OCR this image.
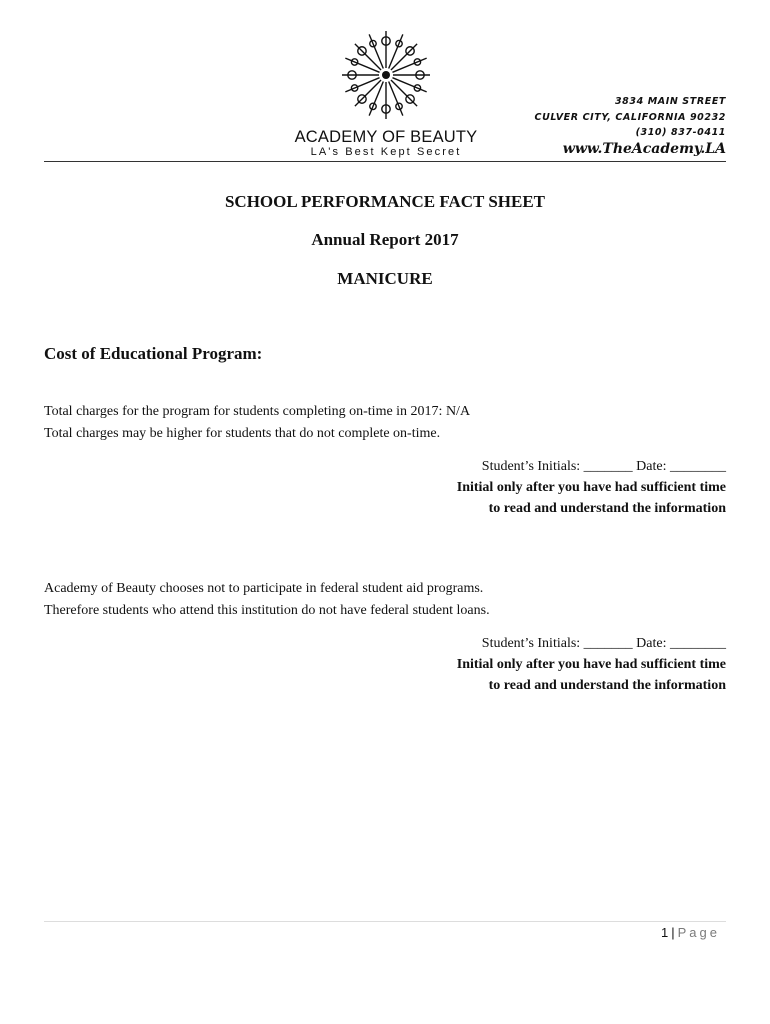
ACADEMY OF BEAUTY
LA's Best Kept Secret
3834 MAIN STREET
CULVER CITY, CALIFORNIA 90232
(310) 837-0411
www.TheAcademy.LA
SCHOOL PERFORMANCE FACT SHEET
Annual Report 2017
MANICURE
Cost of Educational Program:

Total charges for the program for students completing on-time in 2017: N/A

Total charges may be higher for students that do not complete on-time.

Student’s Initials: _______ Date: ________
Initial only after you have had sufficient time
to read and understand the information

Academy of Beauty chooses not to participate in federal student aid programs.

Therefore students who attend this institution do not have federal student loans.

Student’s Initials: _______ Date: ________
Initial only after you have had sufficient time
to read and understand the information
1 | Page
